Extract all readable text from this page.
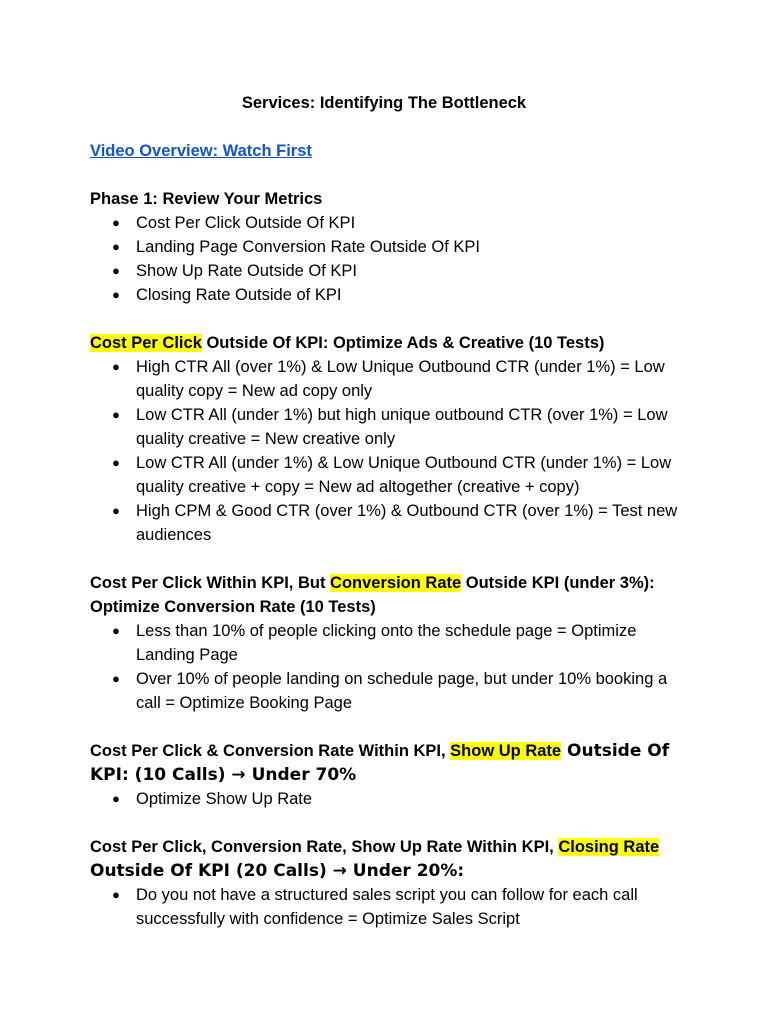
Services: Identifying The Bottleneck
Video Overview: Watch First
Phase 1: Review Your Metrics
● Cost Per Click Outside Of KPI
● Landing Page Conversion Rate Outside Of KPI
● Show Up Rate Outside Of KPI
● Closing Rate Outside of KPI
Cost Per Click Outside Of KPI: Optimize Ads & Creative (10 Tests)
● High CTR All (over 1%) & Low Unique Outbound CTR (under 1%) = Low quality copy = New ad copy only
● Low CTR All (under 1%) but high unique outbound CTR (over 1%) = Low quality creative = New creative only
● Low CTR All (under 1%) & Low Unique Outbound CTR (under 1%) = Low quality creative + copy = New ad altogether (creative + copy)
● High CPM & Good CTR (over 1%) & Outbound CTR (over 1%) = Test new audiences
Cost Per Click Within KPI, But Conversion Rate Outside KPI (under 3%): Optimize Conversion Rate (10 Tests)
● Less than 10% of people clicking onto the schedule page = Optimize Landing Page
● Over 10% of people landing on schedule page, but under 10% booking a call = Optimize Booking Page
Cost Per Click & Conversion Rate Within KPI, Show Up Rate Outside Of KPI: (10 Calls) → Under 70%
● Optimize Show Up Rate
Cost Per Click, Conversion Rate, Show Up Rate Within KPI, Closing Rate Outside Of KPI (20 Calls) → Under 20%:
● Do you not have a structured sales script you can follow for each call successfully with confidence = Optimize Sales Script
